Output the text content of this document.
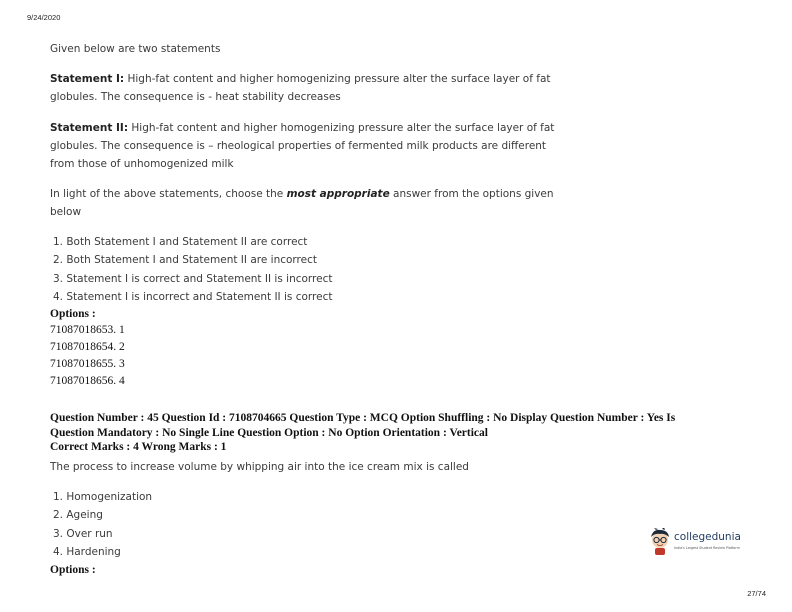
9/24/2020
Given below are two statements
Statement I: High-fat content and higher homogenizing pressure alter the surface layer of fat
globules. The consequence is - heat stability decreases
Statement II: High-fat content and higher homogenizing pressure alter the surface layer of fat
globules. The consequence is – rheological properties of fermented milk products are different
from those of unhomogenized milk
In light of the above statements, choose the most appropriate answer from the options given
below
1. Both Statement I and Statement II are correct
2. Both Statement I and Statement II are incorrect
3. Statement I is correct and Statement II is incorrect
4. Statement I is incorrect and Statement II is correct
Options :
71087018653. 1
71087018654. 2
71087018655. 3
71087018656. 4
Question Number : 45 Question Id : 7108704665 Question Type : MCQ Option Shuffling : No Display Question Number : Yes Is
Question Mandatory : No Single Line Question Option : No Option Orientation : Vertical
Correct Marks : 4 Wrong Marks : 1
The process to increase volume by whipping air into the ice cream mix is called
1. Homogenization
2. Ageing
3. Over run
4. Hardening
Options :
collegedunia
India's Largest Student Review Platform
27/74
